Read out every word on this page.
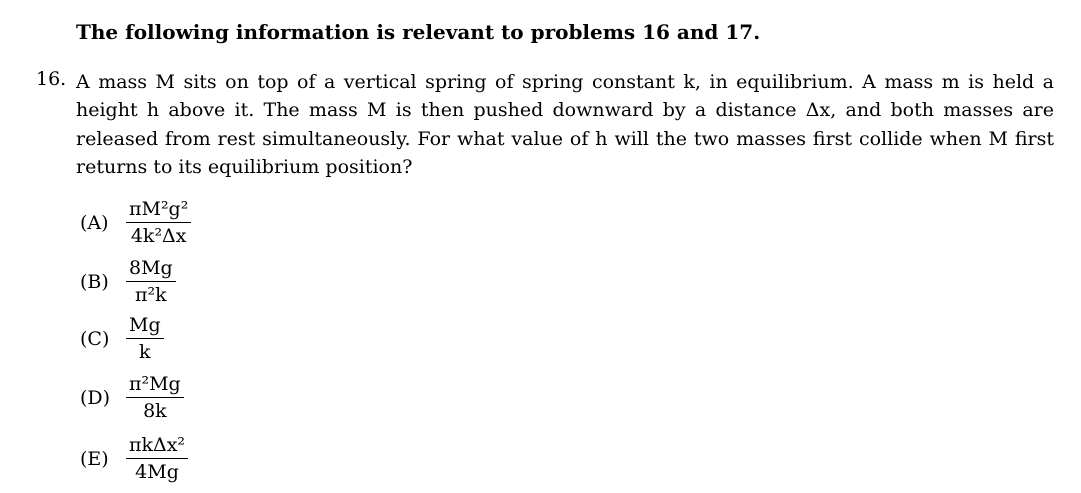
The following information is relevant to problems 16 and 17.
16. A mass M sits on top of a vertical spring of spring constant k, in equilibrium. A mass m is held a height h above it. The mass M is then pushed downward by a distance Δx, and both masses are released from rest simultaneously. For what value of h will the two masses first collide when M first returns to its equilibrium position?
$(A) \frac{\text{πM²g²}}{\text{4k²Δx}}$
$(B) \frac{8Mg}{\text{π²k}}$
$(C) \frac{Mg}{k}$
$(D) \frac{\text{π²Mg}}{8k}$
$(E) \frac{\text{πkΔx²}}{4Mg}$
